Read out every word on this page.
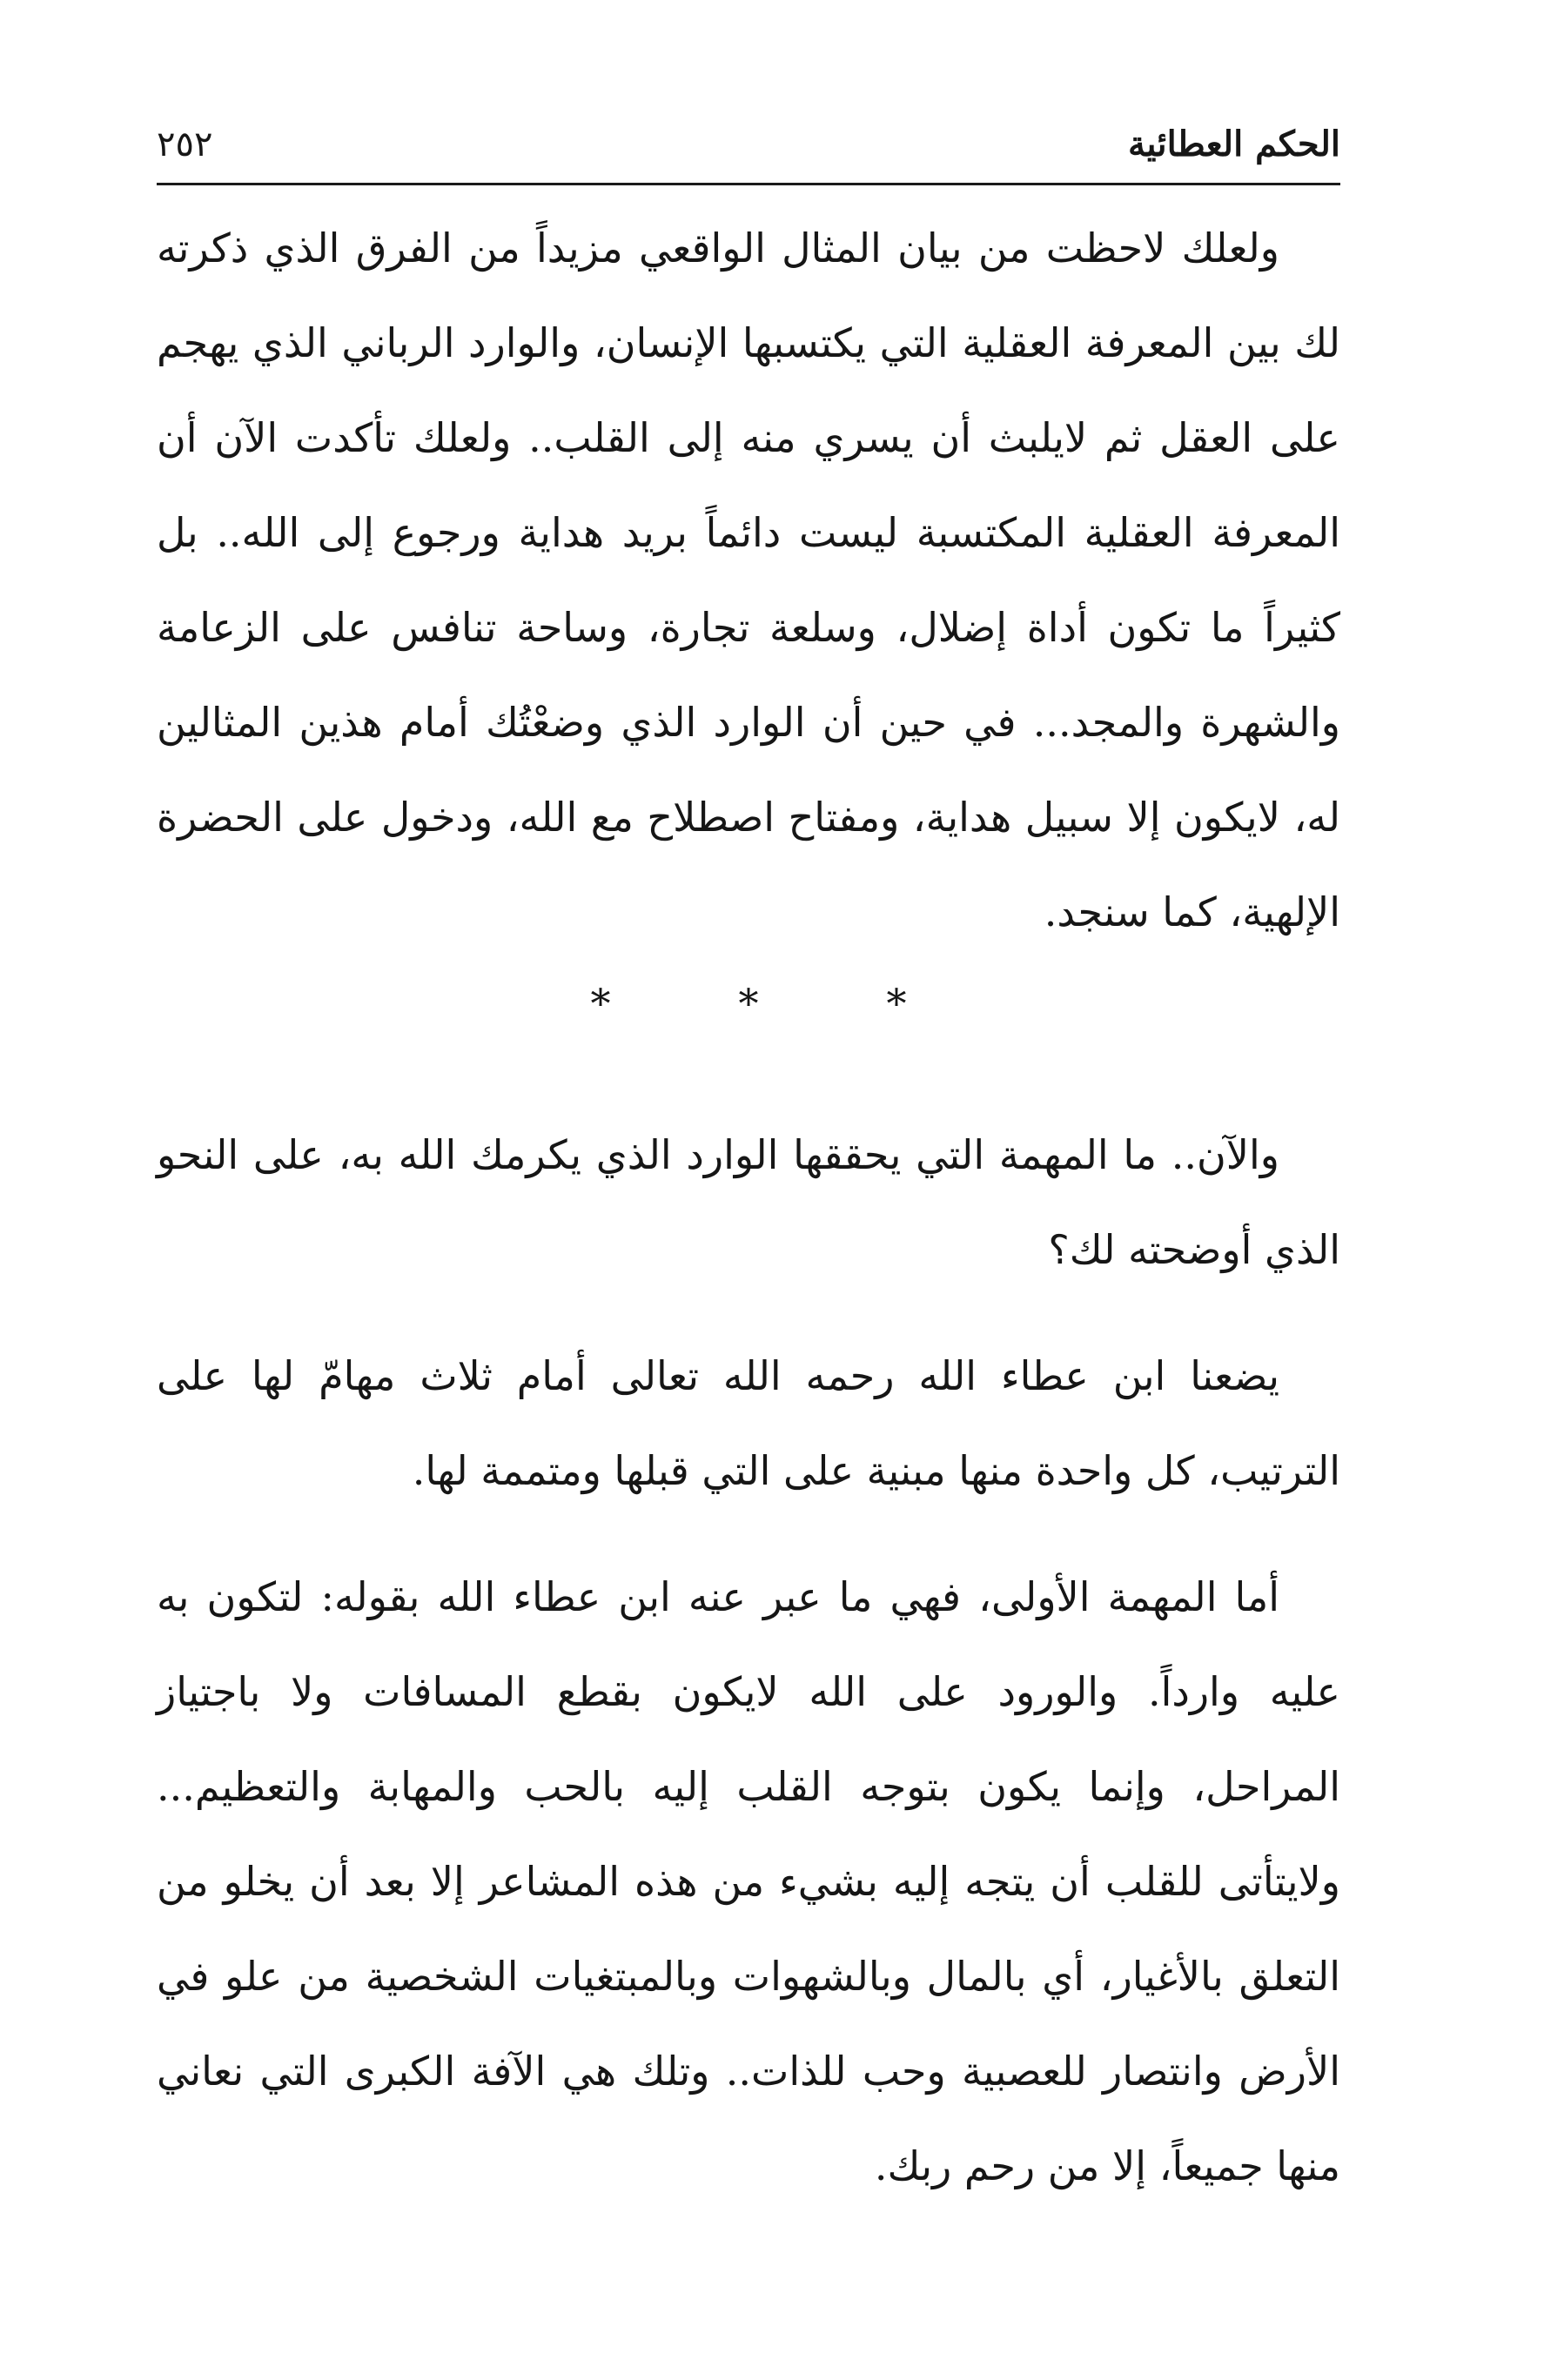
الحكم العطائية
٢٥٢

ولعلك لاحظت من بيان المثال الواقعي مزيداً من الفرق الذي ذكرته لك بين المعرفة العقلية التي يكتسبها الإنسان، والوارد الرباني الذي يهجم على العقل ثم لايلبث أن يسري منه إلى القلب.. ولعلك تأكدت الآن أن المعرفة العقلية المكتسبة ليست دائماً بريد هداية ورجوع إلى الله.. بل كثيراً ما تكون أداة إضلال، وسلعة تجارة، وساحة تنافس على الزعامة والشهرة والمجد... في حين أن الوارد الذي وضعْتُك أمام هذين المثالين له، لايكون إلا سبيل هداية، ومفتاح اصطلاح مع الله، ودخول على الحضرة الإلهية، كما سنجد.

*
*
*

والآن.. ما المهمة التي يحققها الوارد الذي يكرمك الله به، على النحو الذي أوضحته لك؟

يضعنا ابن عطاء الله رحمه الله تعالى أمام ثلاث مهامّ لها على الترتيب، كل واحدة منها مبنية على التي قبلها ومتممة لها.

أما المهمة الأولى، فهي ما عبر عنه ابن عطاء الله بقوله: لتكون به عليه وارداً. والورود على الله لايكون بقطع المسافات ولا باجتياز المراحل، وإنما يكون بتوجه القلب إليه بالحب والمهابة والتعظيم... ولايتأتى للقلب أن يتجه إليه بشيء من هذه المشاعر إلا بعد أن يخلو من التعلق بالأغيار، أي بالمال وبالشهوات وبالمبتغيات الشخصية من علو في الأرض وانتصار للعصبية وحب للذات.. وتلك هي الآفة الكبرى التي نعاني منها جميعاً، إلا من رحم ربك.
